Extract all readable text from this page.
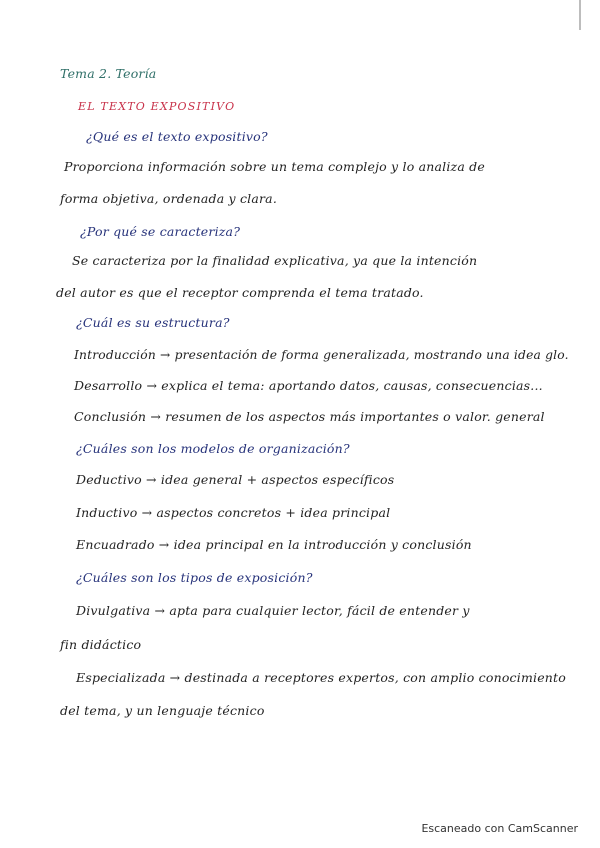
Tema 2. Teoría
EL TEXTO EXPOSITIVO
¿Qué es el texto expositivo?
Proporciona información sobre un tema complejo y lo analiza de
forma objetiva, ordenada y clara.
¿Por qué se caracteriza?
Se caracteriza por la finalidad explicativa, ya que la intención
del autor es que el receptor comprenda el tema tratado.
¿Cuál es su estructura?
Introducción → presentación de forma generalizada, mostrando una idea glo.
Desarrollo → explica el tema: aportando datos, causas, consecuencias...
Conclusión → resumen de los aspectos más importantes o valor. general
¿Cuáles son los modelos de organización?
Deductivo → idea general + aspectos específicos
Inductivo → aspectos concretos + idea principal
Encuadrado → idea principal en la introducción y conclusión
¿Cuáles son los tipos de exposición?
Divulgativa → apta para cualquier lector, fácil de entender y
fin didáctico
Especializada → destinada a receptores expertos, con amplio conocimiento
del tema, y un lenguaje técnico
Escaneado con CamScanner
